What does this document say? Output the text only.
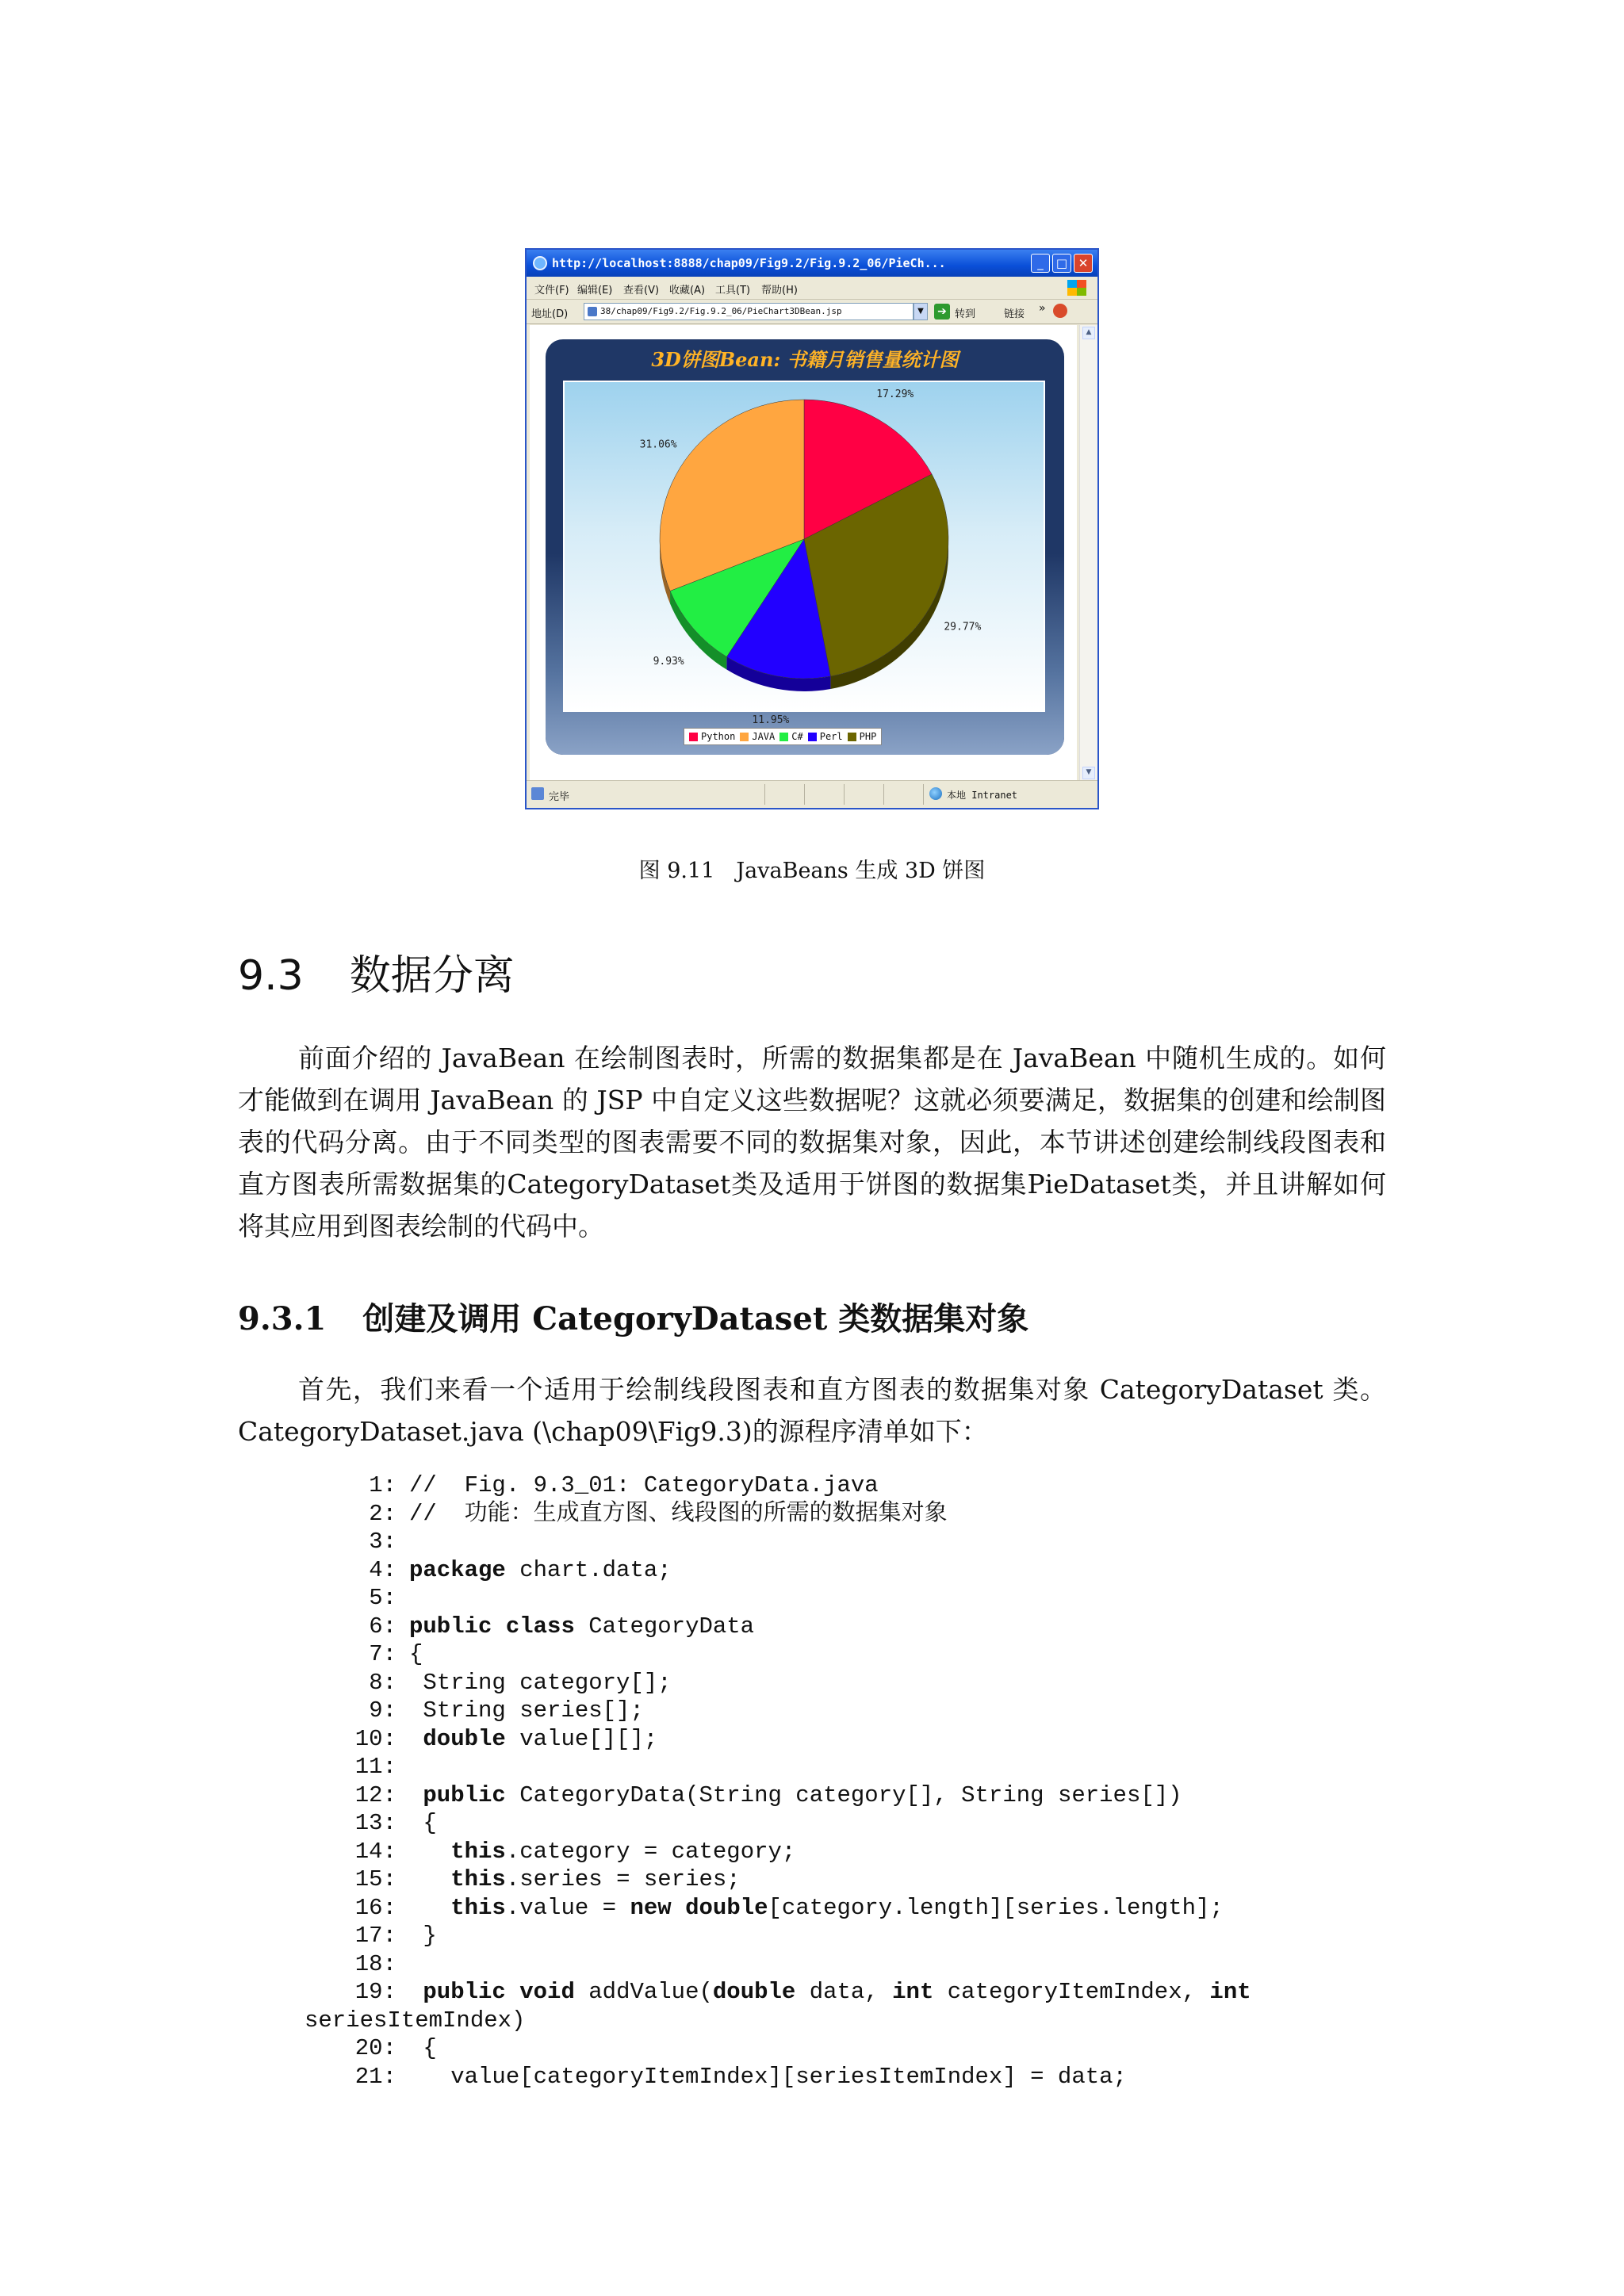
http://localhost:8888/chap09/Fig9.2/Fig.9.2_06/PieCh...	_	□ ✕
文件(F) 编辑(E) 查看(V) 收藏(A) 工具(T) 帮助(H)
地址(D)	38/chap09/Fig9.2/Fig.9.2_06/PieChart3DBean.jsp	▼	➔ 转到	链接 »
3D饼图Bean: 书籍月销售量统计图
17.29%
29.77%
11.95%
9.93%
31.06%
Python JAVA C# Perl PHP
▲
▼
完毕	本地 Intranet
图 9.11　JavaBeans 生成 3D 饼图
9.3 数据分离
前面介绍的 JavaBean 在绘制图表时，所需的数据集都是在 JavaBean 中随机生成的。如何才能做到在调用 JavaBean 的 JSP 中自定义这些数据呢？这就必须要满足，数据集的创建和绘制图表的代码分离。由于不同类型的图表需要不同的数据集对象，因此，本节讲述创建绘制线段图表和直方图表所需数据集的CategoryDataset类及适用于饼图的数据集PieDataset类，并且讲解如何将其应用到图表绘制的代码中。
9.3.1 创建及调用 CategoryDataset 类数据集对象
首先，我们来看一个适用于绘制线段图表和直方图表的数据集对象 CategoryDataset 类。CategoryDataset.java (\chap09\Fig9.3)的源程序清单如下：
1: //  Fig. 9.3_01: CategoryData.java
2: //  功能：生成直方图、线段图的所需的数据集对象
3:
4: package chart.data;
5:
6: public class CategoryData
7: {
8: String category[];
9: String series[];
10:	double value[][];
11:
12:	public CategoryData(String category[], String series[])
13: {
14:	this.category = category;
15:	this.series = series;
16:	this.value = new double[category.length][series.length];
17: }
18:
19:	public void addValue(double data, int categoryItemIndex, int
seriesItemIndex)
20: {
21: value[categoryItemIndex][seriesItemIndex] = data;
